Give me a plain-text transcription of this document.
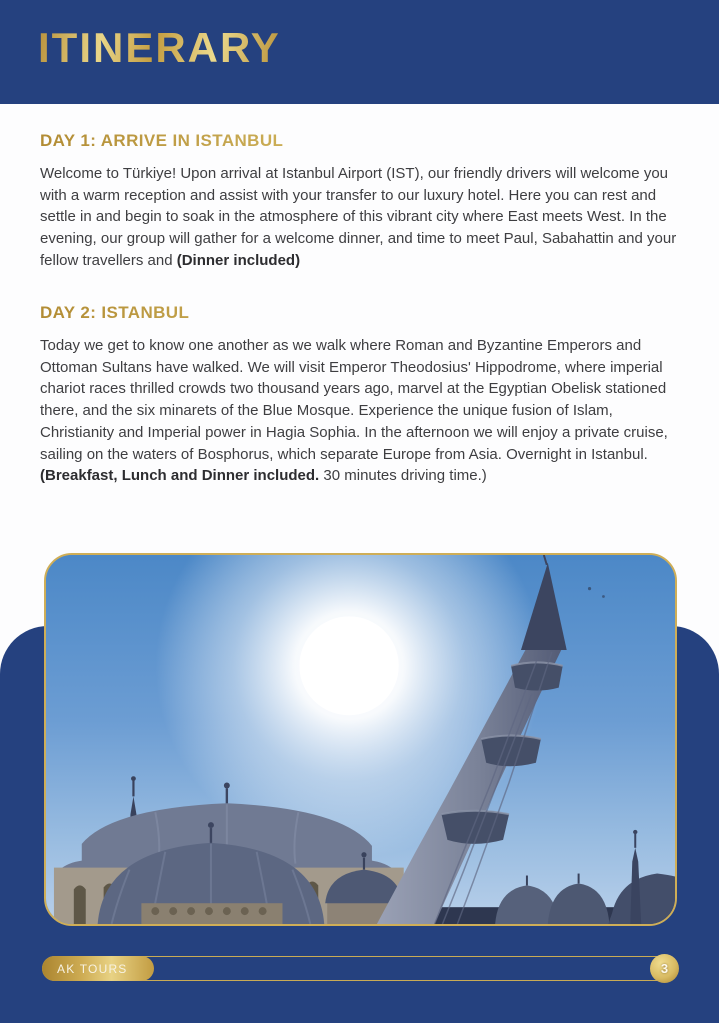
ITINERARY
DAY 1: ARRIVE IN ISTANBUL

Welcome to Türkiye! Upon arrival at Istanbul Airport (IST), our friendly drivers will welcome you with a warm reception and assist with your transfer to our luxury hotel. Here you can rest and settle in and begin to soak in the atmosphere of this vibrant city where East meets West. In the evening, our group will gather for a welcome dinner, and time to meet Paul, Sabahattin and your fellow travellers and (Dinner included)

DAY 2: ISTANBUL

Today we get to know one another as we walk where Roman and Byzantine Emperors and Ottoman Sultans have walked. We will visit Emperor Theodosius' Hippodrome, where imperial chariot races thrilled crowds two thousand years ago, marvel at the Egyptian Obelisk stationed there, and the six minarets of the Blue Mosque. Experience the unique fusion of Islam, Christianity and Imperial power in Hagia Sophia. In the afternoon we will enjoy a private cruise, sailing on the waters of Bosphorus, which separate Europe from Asia. Overnight in Istanbul. (Breakfast, Lunch and Dinner included. 30 minutes driving time.)

AK TOURS	3
